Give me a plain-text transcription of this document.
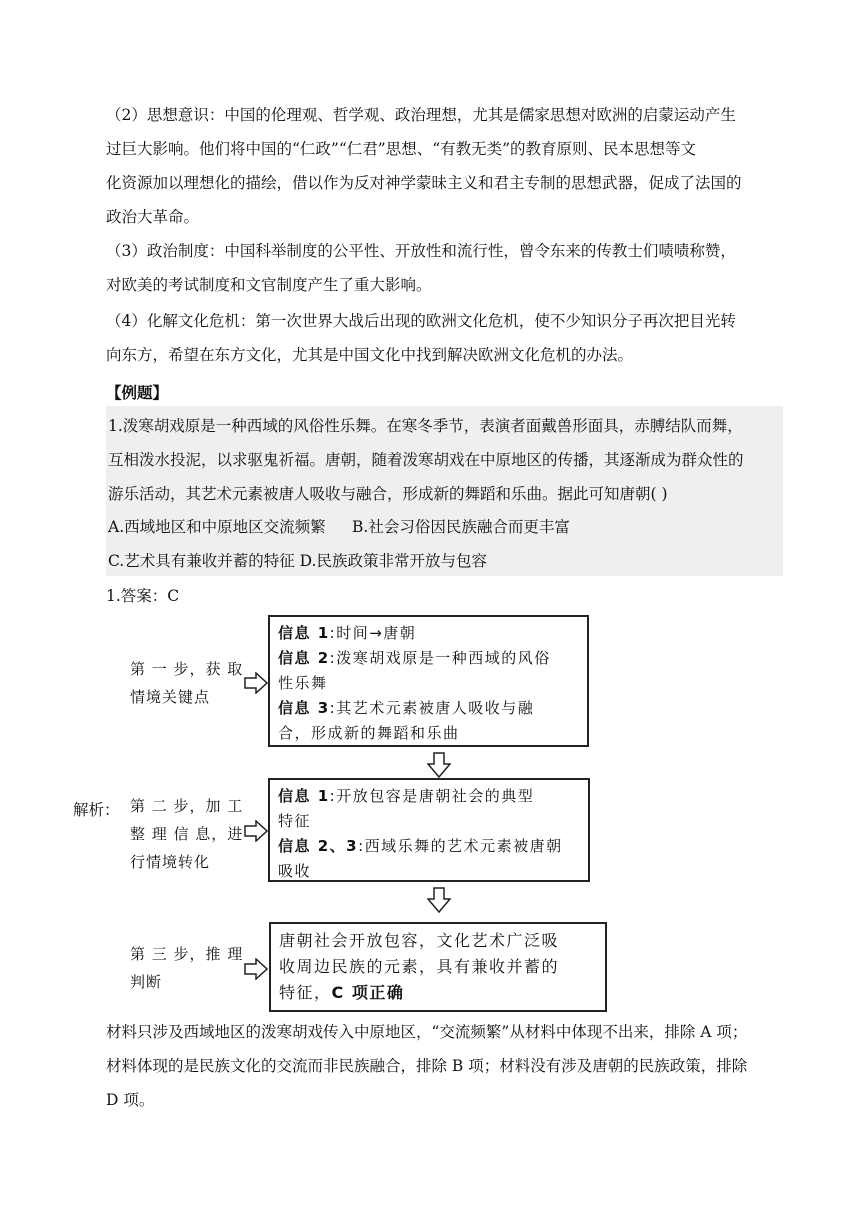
（2）思想意识：中国的伦理观、哲学观、政治理想，尤其是儒家思想对欧洲的启蒙运动产生

过巨大影响。他们将中国的“仁政”“仁君”思想、“有教无类”的教育原则、民本思想等文

化资源加以理想化的描绘，借以作为反对神学蒙昧主义和君主专制的思想武器，促成了法国的

政治大革命。

（3）政治制度：中国科举制度的公平性、开放性和流行性，曾令东来的传教士们啧啧称赞，

对欧美的考试制度和文官制度产生了重大影响。

（4）化解文化危机：第一次世界大战后出现的欧洲文化危机，使不少知识分子再次把目光转

向东方，希望在东方文化，尤其是中国文化中找到解决欧洲文化危机的办法。

【例题】
1.泼寒胡戏原是一种西域的风俗性乐舞。在寒冬季节，表演者面戴兽形面具，赤膊结队而舞，
互相泼水投泥，以求驱鬼祈福。唐朝，随着泼寒胡戏在中原地区的传播，其逐渐成为群众性的
游乐活动，其艺术元素被唐人吸收与融合，形成新的舞蹈和乐曲。据此可知唐朝( )
A.西域地区和中原地区交流频繁 B.社会习俗因民族融合而更丰富
C.艺术具有兼收并蓄的特征 D.民族政策非常开放与包容
1.答案：C
第 一 步，获 取
情境关键点
信息 1:时间→唐朝
信息 2:泼寒胡戏原是一种西域的风俗
性乐舞
信息 3:其艺术元素被唐人吸收与融
合，形成新的舞蹈和乐曲
解析： 第 二 步，加 工
整 理 信 息，进
行情境转化
信息 1:开放包容是唐朝社会的典型
特征
信息 2、3:西域乐舞的艺术元素被唐朝
吸收
第 三 步，推 理
判断
唐朝社会开放包容，文化艺术广泛吸
收周边民族的元素，具有兼收并蓄的
特征，C 项正确
材料只涉及西域地区的泼寒胡戏传入中原地区，“交流频繁”从材料中体现不出来，排除 A 项；
材料体现的是民族文化的交流而非民族融合，排除 B 项；材料没有涉及唐朝的民族政策，排除
D 项。
